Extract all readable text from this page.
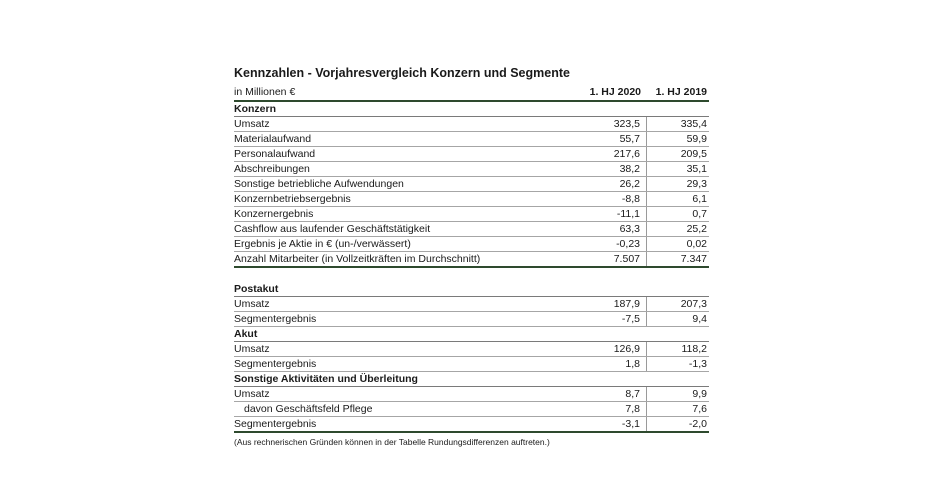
Kennzahlen - Vorjahresvergleich Konzern und Segmente
in Millionen €	1. HJ 2020	1. HJ 2019
Konzern
Umsatz	323,5	335,4
Materialaufwand	55,7	59,9
Personalaufwand	217,6	209,5
Abschreibungen	38,2	35,1
Sonstige betriebliche Aufwendungen	26,2	29,3
Konzernbetriebsergebnis	-8,8	6,1
Konzernergebnis	-11,1	0,7
Cashflow aus laufender Geschäftstätigkeit	63,3	25,2
Ergebnis je Aktie in € (un-/verwässert)	-0,23	0,02
Anzahl Mitarbeiter (in Vollzeitkräften im Durchschnitt)	7.507	7.347
Postakut
Umsatz	187,9	207,3
Segmentergebnis	-7,5	9,4
Akut
Umsatz	126,9	118,2
Segmentergebnis	1,8	-1,3
Sonstige Aktivitäten und Überleitung
Umsatz	8,7	9,9
davon Geschäftsfeld Pflege	7,8	7,6
Segmentergebnis	-3,1	-2,0
(Aus rechnerischen Gründen können in der Tabelle Rundungsdifferenzen auftreten.)
